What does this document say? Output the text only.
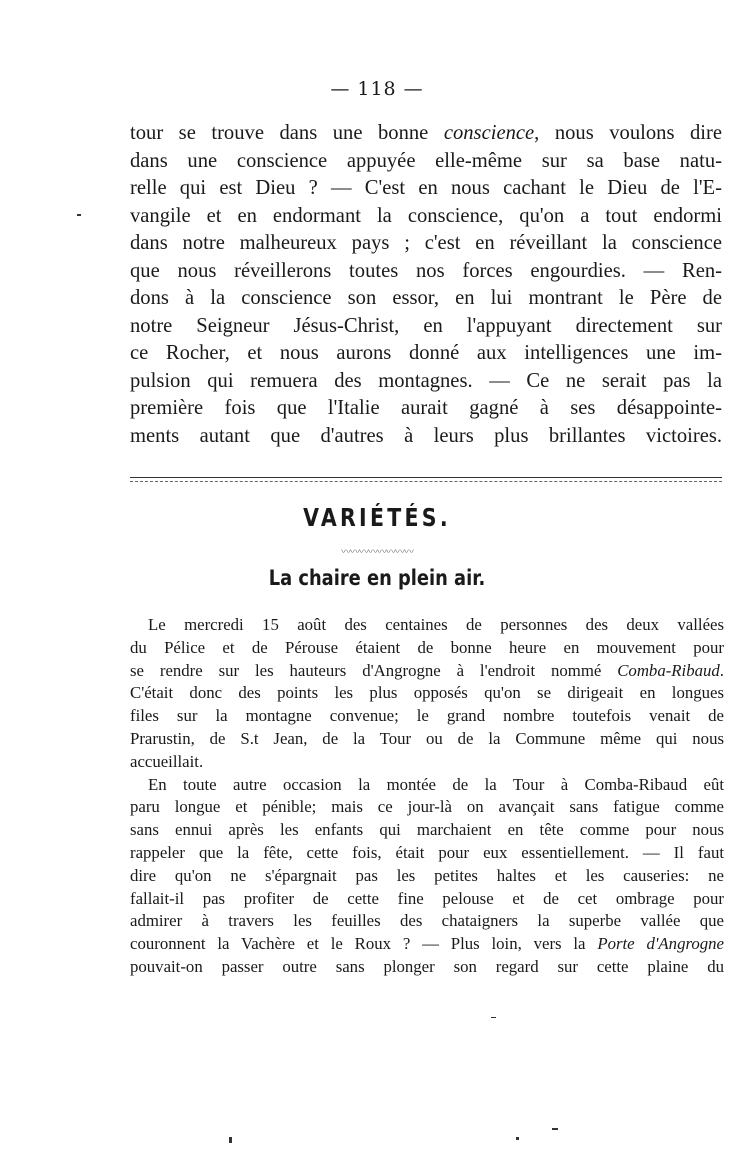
— 118 —
tour se trouve dans une bonne conscience, nous voulons dire
dans une conscience appuyée elle-même sur sa base natu-
relle qui est Dieu ? — C'est en nous cachant le Dieu de l'E-
vangile et en endormant la conscience, qu'on a tout endormi
dans notre malheureux pays ; c'est en réveillant la conscience
que nous réveillerons toutes nos forces engourdies. — Ren-
dons à la conscience son essor, en lui montrant le Père de
notre Seigneur Jésus-Christ, en l'appuyant directement sur
ce Rocher, et nous aurons donné aux intelligences une im-
pulsion qui remuera des montagnes. — Ce ne serait pas la
première fois que l'Italie aurait gagné à ses désappointe-
ments autant que d'autres à leurs plus brillantes victoires.
VARIÉTÉS.
〰〰〰〰〰〰〰〰
La chaire en plein air.
Le mercredi 15 août des centaines de personnes des deux vallées
du Pélice et de Pérouse étaient de bonne heure en mouvement pour
se rendre sur les hauteurs d'Angrogne à l'endroit nommé Comba-Ribaud.
C'était donc des points les plus opposés qu'on se dirigeait en longues
files sur la montagne convenue; le grand nombre toutefois venait de
Prarustin, de S.t Jean, de la Tour ou de la Commune même qui nous
accueillait.
En toute autre occasion la montée de la Tour à Comba-Ribaud eût
paru longue et pénible; mais ce jour-là on avançait sans fatigue comme
sans ennui après les enfants qui marchaient en tête comme pour nous
rappeler que la fête, cette fois, était pour eux essentiellement. — Il faut
dire qu'on ne s'épargnait pas les petites haltes et les causeries: ne
fallait-il pas profiter de cette fine pelouse et de cet ombrage pour
admirer à travers les feuilles des chataigners la superbe vallée que
couronnent la Vachère et le Roux ? — Plus loin, vers la Porte d'Angrogne
pouvait-on passer outre sans plonger son regard sur cette plaine du
